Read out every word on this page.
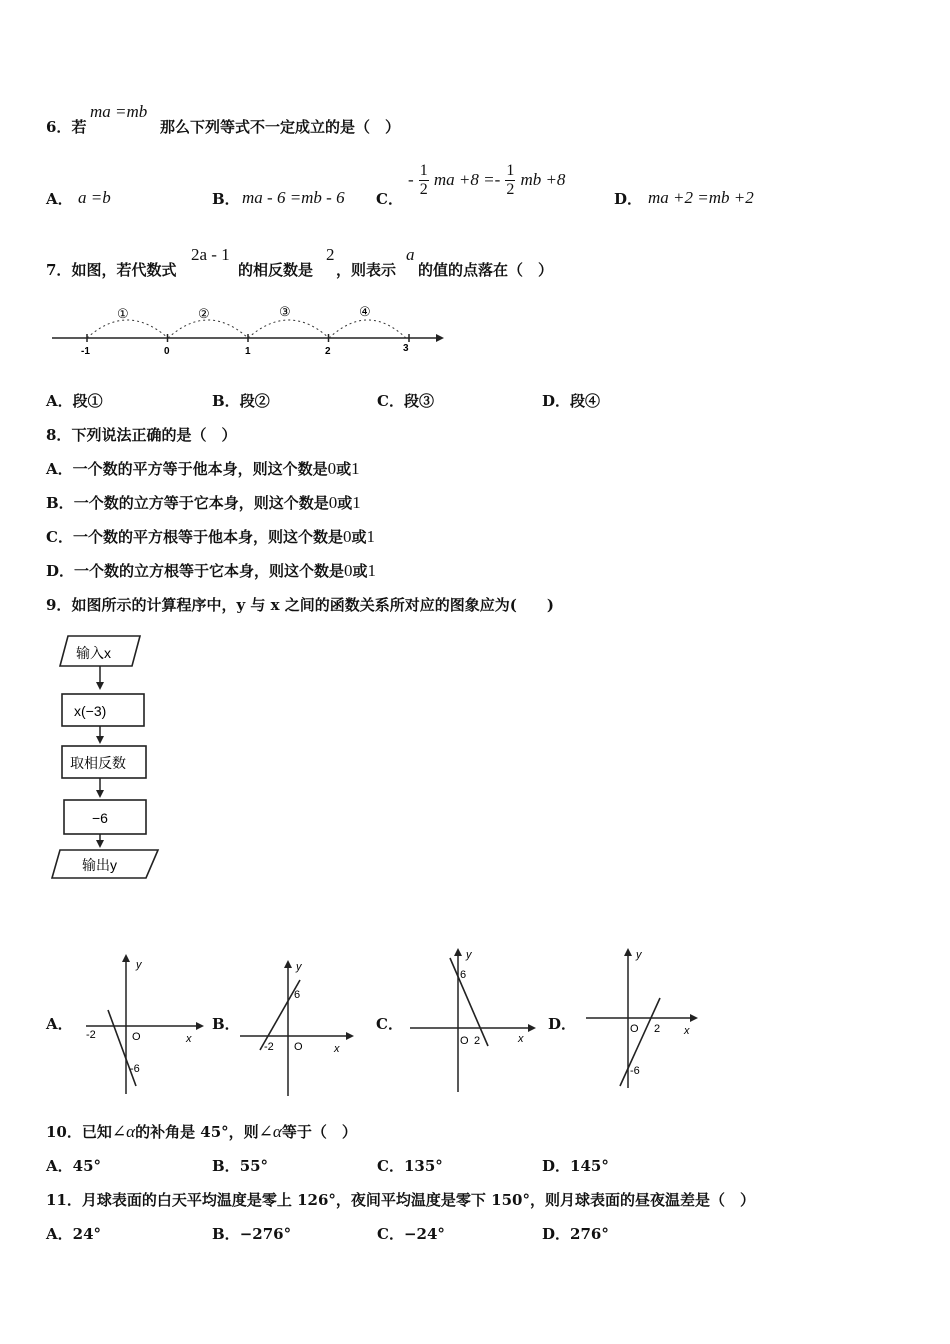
6．若
ma =mb
那么下列等式不一定成立的是（　）
A． a =b	B． ma - 6 =mb - 6 C．
- $\frac{1}{2}$ ma $+8 =- \frac{1}{2}$ mb +8
D． ma +2 =mb +2
7．如图，若代数式
2a - 1
的相反数是
2
，则表示
a
的值的点落在（　）
①	②	③	④
-1	0	1	2	3
A．段①	B．段②	C．段③	D．段④
8．下列说法正确的是（　）
A．一个数的平方等于他本身，则这个数是0或1
B．一个数的立方等于它本身，则这个数是0或1
C．一个数的平方根等于他本身，则这个数是0或1
D．一个数的立方根等于它本身，则这个数是0或1
9．如图所示的计算程序中，y 与 x 之间的函数关系所对应的图象应为(　　)
输入x
x(−3)
取相反数
−6
输出y
A．
y
x
O
-2
-6
B．
y
x
O
-2
6
C．
y
x
O 2
6
D．
y
x
O 2
-6
10．已知∠α的补角是 45°，则∠α等于（　）
A．45°	B．55°	C．135°	D．145°
11．月球表面的白天平均温度是零上 126°，夜间平均温度是零下 150°，则月球表面的昼夜温差是（　）
A．24°	B．−276°	C．−24°	D．276°
